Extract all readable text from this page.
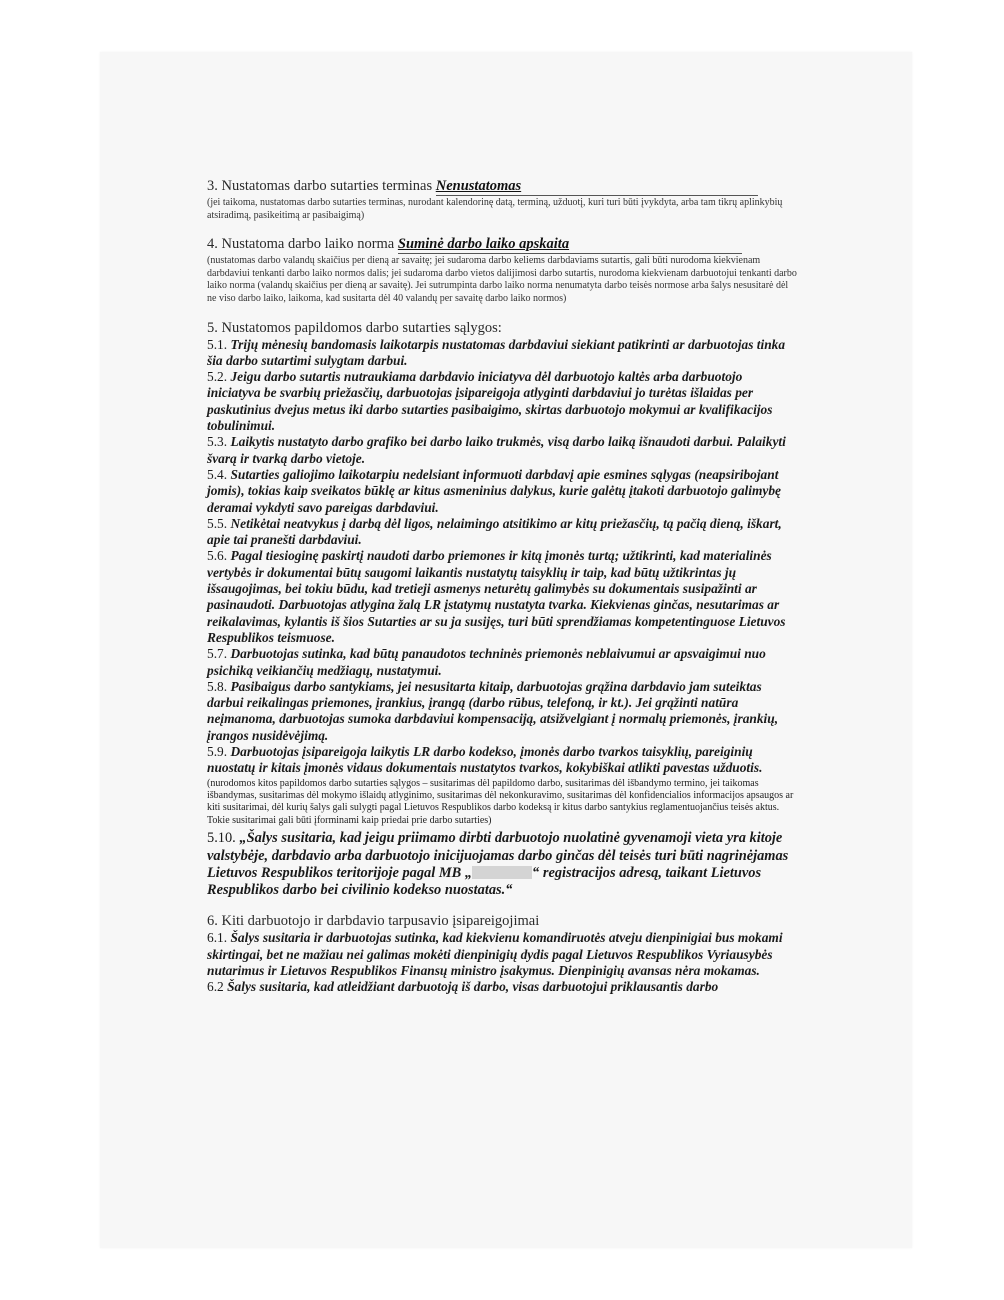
3. Nustatomas darbo sutarties terminas Nenustatomas

(jei taikoma, nustatomas darbo sutarties terminas, nurodant kalendorinę datą, terminą, užduotį, kuri turi būti įvykdyta, arba tam tikrų aplinkybių atsiradimą, pasikeitimą ar pasibaigimą)

4. Nustatoma darbo laiko norma Suminė darbo laiko apskaita

(nustatomas darbo valandų skaičius per dieną ar savaitę; jei sudaroma darbo keliems darbdaviams sutartis, gali būti nurodoma kiekvienam darbdaviui tenkanti darbo laiko normos dalis; jei sudaroma darbo vietos dalijimosi darbo sutartis, nurodoma kiekvienam darbuotojui tenkanti darbo laiko norma (valandų skaičius per dieną ar savaitę). Jei sutrumpinta darbo laiko norma nenumatyta darbo teisės normose arba šalys nesusitarė dėl ne viso darbo laiko, laikoma, kad susitarta dėl 40 valandų per savaitę darbo laiko normos)

5. Nustatomos papildomos darbo sutarties sąlygos:

5.1. Trijų mėnesių bandomasis laikotarpis nustatomas darbdaviui siekiant patikrinti ar darbuotojas tinka šia darbo sutartimi sulygtam darbui.

5.2. Jeigu darbo sutartis nutraukiama darbdavio iniciatyva dėl darbuotojo kaltės arba darbuotojo iniciatyva be svarbių priežasčių, darbuotojas įsipareigoja atlyginti darbdaviui jo turėtas išlaidas per paskutinius dvejus metus iki darbo sutarties pasibaigimo, skirtas darbuotojo mokymui ar kvalifikacijos tobulinimui.

5.3. Laikytis nustatyto darbo grafiko bei darbo laiko trukmės, visą darbo laiką išnaudoti darbui. Palaikyti švarą ir tvarką darbo vietoje.

5.4. Sutarties galiojimo laikotarpiu nedelsiant informuoti darbdavį apie esmines sąlygas (neapsiribojant jomis), tokias kaip sveikatos būklę ar kitus asmeninius dalykus, kurie galėtų įtakoti darbuotojo galimybę deramai vykdyti savo pareigas darbdaviui.

5.5. Netikėtai neatvykus į darbą dėl ligos, nelaimingo atsitikimo ar kitų priežasčių, tą pačią dieną, iškart, apie tai pranešti darbdaviui.

5.6. Pagal tiesioginę paskirtį naudoti darbo priemones ir kitą įmonės turtą; užtikrinti, kad materialinės vertybės ir dokumentai būtų saugomi laikantis nustatytų taisyklių ir taip, kad būtų užtikrintas jų išsaugojimas, bei tokiu būdu, kad tretieji asmenys neturėtų galimybės su dokumentais susipažinti ar pasinaudoti. Darbuotojas atlygina žalą LR įstatymų nustatyta tvarka. Kiekvienas ginčas, nesutarimas ar reikalavimas, kylantis iš šios Sutarties ar su ja susijęs, turi būti sprendžiamas kompetentinguose Lietuvos Respublikos teismuose.

5.7. Darbuotojas sutinka, kad būtų panaudotos techninės priemonės neblaivumui ar apsvaigimui nuo psichiką veikiančių medžiagų, nustatymui.

5.8. Pasibaigus darbo santykiams, jei nesusitarta kitaip, darbuotojas grąžina darbdavio jam suteiktas darbui reikalingas priemones, įrankius, įrangą (darbo rūbus, telefoną, ir kt.). Jei grąžinti natūra neįmanoma, darbuotojas sumoka darbdaviui kompensaciją, atsižvelgiant į normalų priemonės, įrankių, įrangos nusidėvėjimą.

5.9. Darbuotojas įsipareigoja laikytis LR darbo kodekso, įmonės darbo tvarkos taisyklių, pareiginių nuostatų ir kitais įmonės vidaus dokumentais nustatytos tvarkos, kokybiškai atlikti pavestas užduotis.

(nurodomos kitos papildomos darbo sutarties sąlygos – susitarimas dėl papildomo darbo, susitarimas dėl išbandymo termino, jei taikomas išbandymas, susitarimas dėl mokymo išlaidų atlyginimo, susitarimas dėl nekonkuravimo, susitarimas dėl konfidencialios informacijos apsaugos ar kiti susitarimai, dėl kurių šalys gali sulygti pagal Lietuvos Respublikos darbo kodeksą ir kitus darbo santykius reglamentuojančius teisės aktus. Tokie susitarimai gali būti įforminami kaip priedai prie darbo sutarties)

5.10. „Šalys susitaria, kad jeigu priimamo dirbti darbuotojo nuolatinė gyvenamoji vieta yra kitoje valstybėje, darbdavio arba darbuotojo inicijuojamas darbo ginčas dėl teisės turi būti nagrinėjamas Lietuvos Respublikos teritorijoje pagal MB „	“ registracijos adresą, taikant Lietuvos Respublikos darbo bei civilinio kodekso nuostatas.“

6. Kiti darbuotojo ir darbdavio tarpusavio įsipareigojimai

6.1. Šalys susitaria ir darbuotojas sutinka, kad kiekvienu komandiruotės atveju dienpinigiai bus mokami skirtingai, bet ne mažiau nei galimas mokėti dienpinigių dydis pagal Lietuvos Respublikos Vyriausybės nutarimus ir Lietuvos Respublikos Finansų ministro įsakymus. Dienpinigių avansas nėra mokamas.

6.2 Šalys susitaria, kad atleidžiant darbuotoją iš darbo, visas darbuotojui priklausantis darbo
